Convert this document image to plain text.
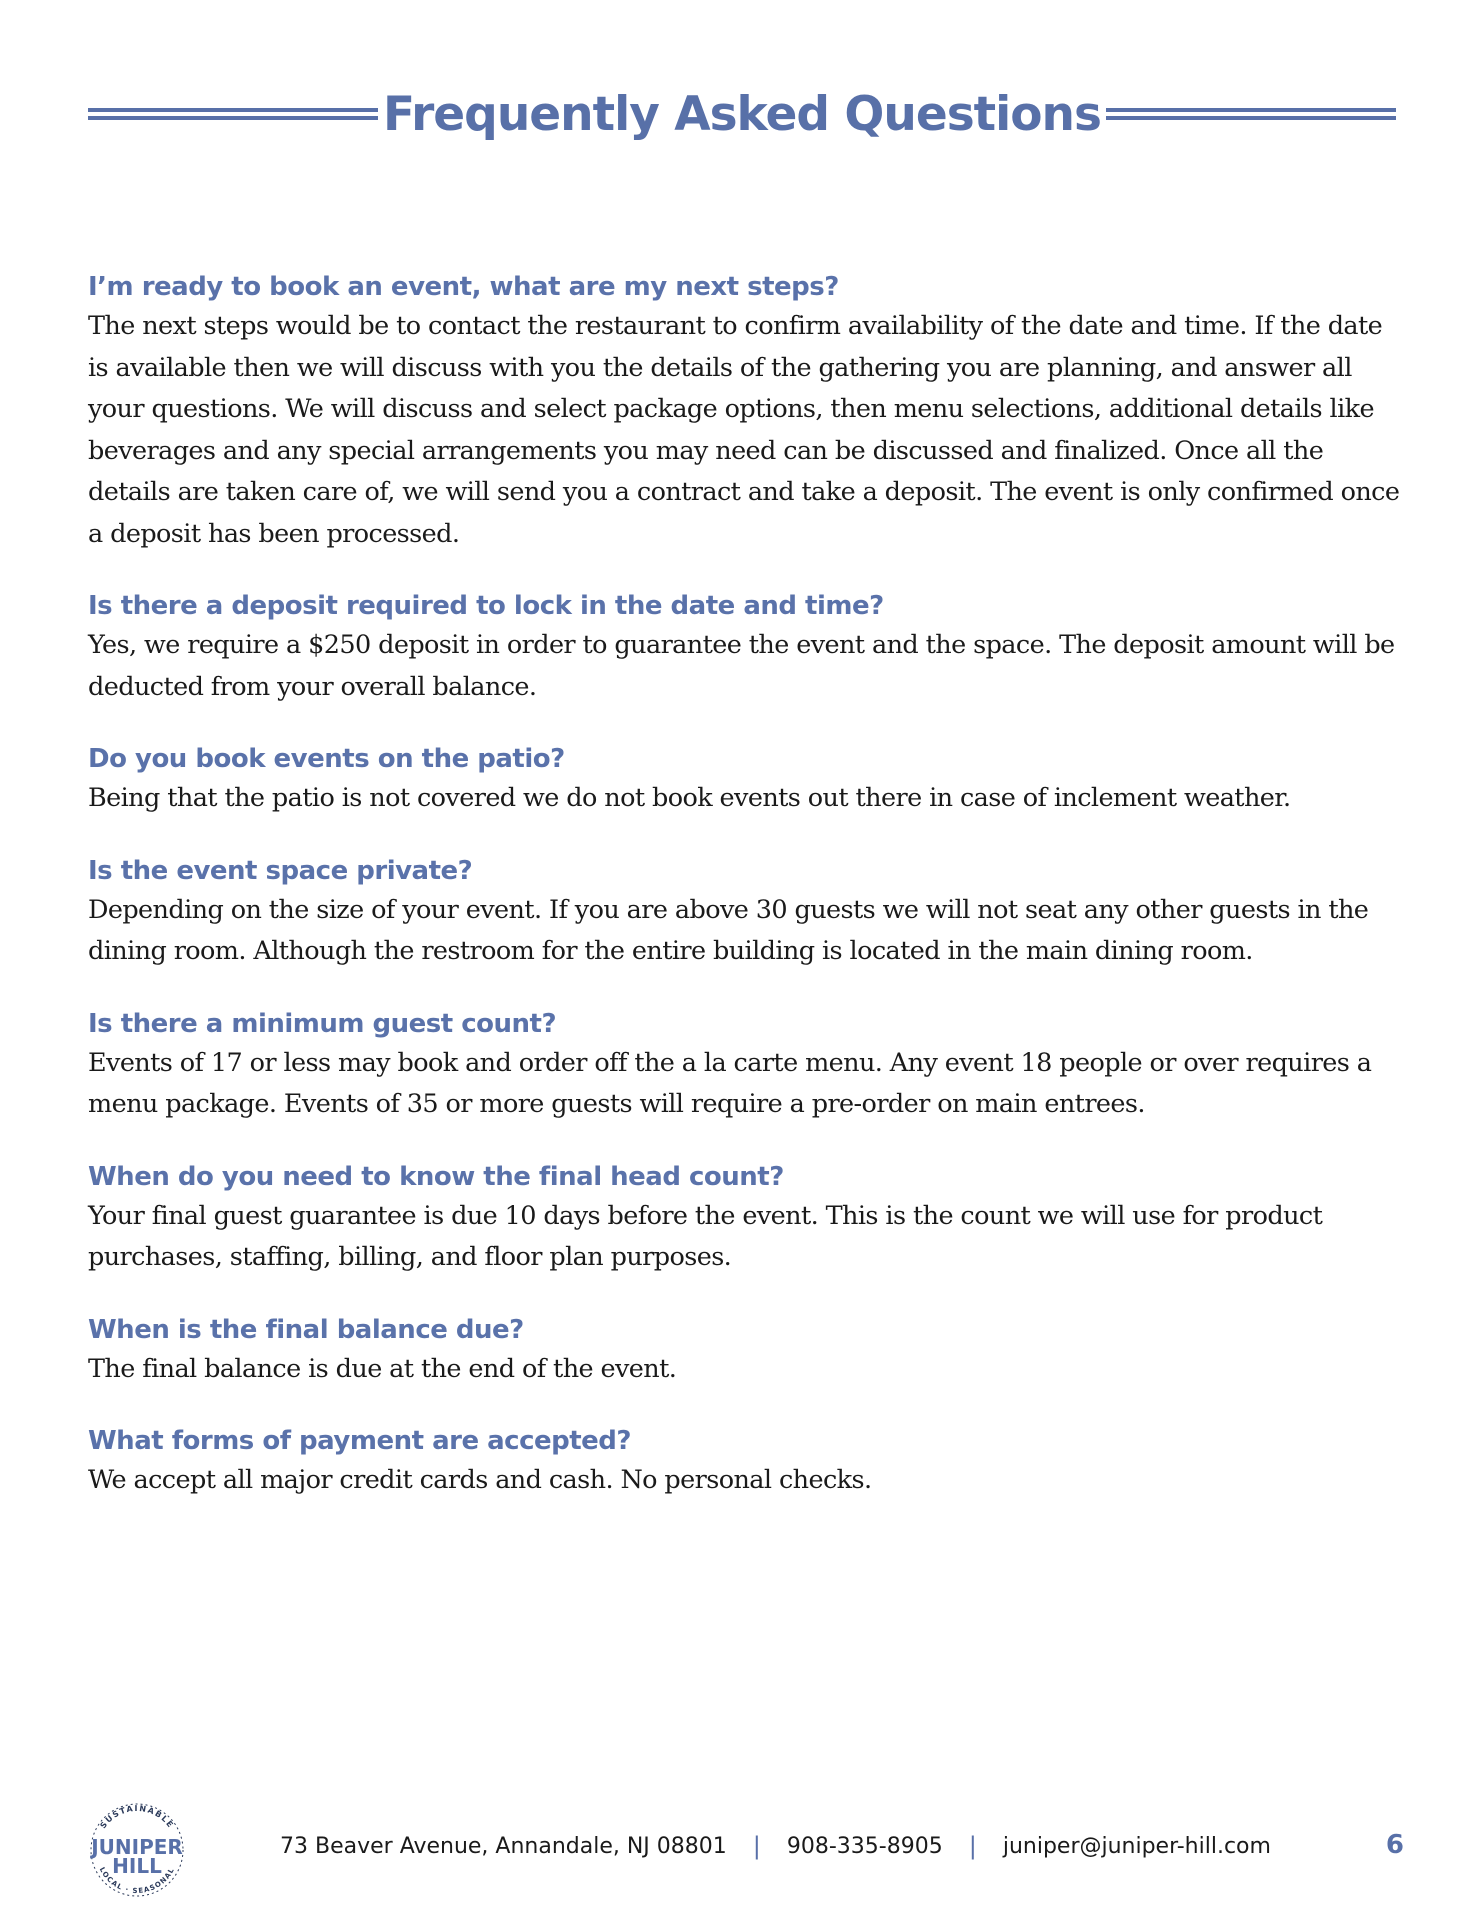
Frequently Asked Questions
I’m ready to book an event, what are my next steps?
The next steps would be to contact the restaurant to confirm availability of the date and time. If the date is available then we will discuss with you the details of the gathering you are planning, and answer all your questions. We will discuss and select package options, then menu selections, additional details like beverages and any special arrangements you may need can be discussed and finalized. Once all the details are taken care of, we will send you a contract and take a deposit. The event is only confirmed once a deposit has been processed.
Is there a deposit required to lock in the date and time?
Yes, we require a $250 deposit in order to guarantee the event and the space. The deposit amount will be deducted from your overall balance.
Do you book events on the patio?
Being that the patio is not covered we do not book events out there in case of inclement weather.
Is the event space private?
Depending on the size of your event. If you are above 30 guests we will not seat any other guests in the dining room. Although the restroom for the entire building is located in the main dining room.
Is there a minimum guest count?
Events of 17 or less may book and order off the a la carte menu. Any event 18 people or over requires a menu package. Events of 35 or more guests will require a pre-order on main entrees.
When do you need to know the final head count?
Your final guest guarantee is due 10 days before the event. This is the count we will use for product purchases, staffing, billing, and floor plan purposes.
When is the final balance due?
The final balance is due at the end of the event.
What forms of payment are accepted?
We accept all major credit cards and cash. No personal checks.
SUSTAINABLE
LOCAL · SEASONAL
JUNIPER
HILL
73 Beaver Avenue, Annandale, NJ 08801 | 908-335-8905 | juniper@juniper-hill.com	6
